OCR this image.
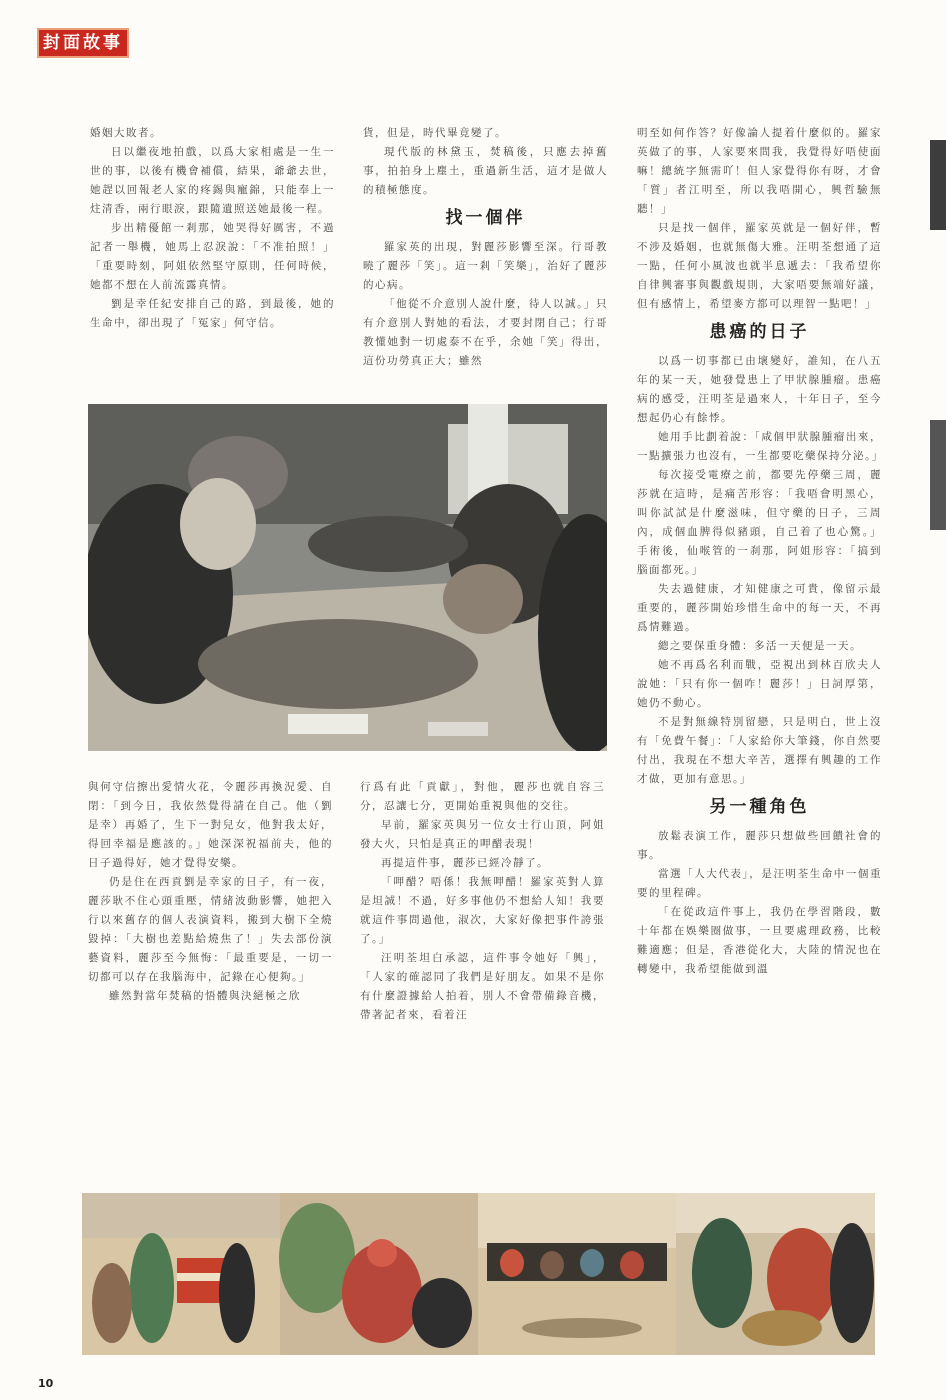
封面故事

婚姻大敗者。

日以繼夜地拍戲，以爲大家相處是一生一世的事，以後有機會補償，結果，爺爺去世，她趕以回報老人家的疼錫與寵錦，只能奉上一炷清香，兩行眼淚，跟隨遺照送她最後一程。

步出精優館一剎那，她哭得好厲害，不過記者一舉機，她馬上忍淚說：「不准拍照！」「重要時刻，阿姐依然堅守原則，任何時候，她都不想在人前流露真情。

劉是幸任紀安排自己的路，到最後，她的生命中，卻出現了「冤家」何守信。

貨，但是，時代畢竟變了。

現代版的林黛玉，焚稿後，只應去掉舊事，拍拍身上塵土，重過新生活，這才是做人的積極態度。

找一個伴

羅家英的出現，對麗莎影響至深。行哥教曉了麗莎「笑」。這一剎「笑樂」，治好了麗莎的心病。

「他從不介意別人說什麼，待人以誠。」只有介意別人對她的看法，才要封閉自己；行哥教懂她對一切處泰不在乎，余她「笑」得出，這份功勞真正大；雖然

明至如何作答？好像論人提着什麼似的。羅家英做了的事，人家要來問我，我覺得好唔使面嘛！總統字無需吖！但人家覺得你有呀，才會「質」者江明至，所以我唔開心，興哲驗無聽！」

只是找一個伴，羅家英就是一個好伴，暫不涉及婚姻，也就無傷大雅。汪明荃想通了這一點，任何小風波也就半息遞去：「我希望你自律興審事與觀戲規則，大家唔要無端好議，但有感情上，希望麥方都可以理智一點吧！」

患癌的日子

以爲一切事都已由壞變好，誰知，在八五年的某一天，她發覺患上了甲狀腺腫瘤。患癌病的感受，汪明荃是過來人，十年日子，至今想起仍心有餘悸。

她用手比劃着說：「咸個甲狀腺腫瘤出來，一點擴張力也沒有，一生都要吃藥保持分泌。」

每次接受電療之前，都要先停藥三周，麗莎就在這時，是痛苦形容：「我唔會明黑心，叫你試試是什麼滋味，但守藥的日子，三周內，成個血脾得似豬頭，自己着了也心驚。」手術後，仙喉管的一刹那，阿姐形容：「搞到腦面都死。」

失去過健康，才知健康之可貴，像留示最重要的，麗莎開始珍惜生命中的每一天，不再爲情難過。

總之要保重身體：多活一天便是一天。

她不再爲名利而戰，亞視出到林百欣夫人說她：「只有你一個咋！麗莎！」日詞厚第，她仍不動心。

不是對無線特別留戀，只是明白，世上沒有「免費午餐」：「人家給你大筆錢，你自然要付出，我現在不想大辛苦，選擇有興趣的工作才做，更加有意思。」

另一種角色

放鬆表演工作，麗莎只想做些回饋社會的事。

當選「人大代表」，是汪明荃生命中一個重要的里程碑。

「在從政這件事上，我仍在學習階段，數十年都在娛樂圈做事，一旦要處理政務，比較難適應；但是，香港從化大，大陸的情況也在轉變中，我希望能做到溫

與何守信擦出愛情火花，令麗莎再換況愛、自閉：「到今日，我依然覺得請在自己。他（劉是幸）再婚了，生下一對兒女，他對我太好，得回幸福是應該的。」她深深祝福前夫，他的日子過得好，她才覺得安樂。

仍是住在西貢劉是幸家的日子，有一夜，麗莎耿不住心頭重壓，情緒波動影響，她把入行以來舊存的個人表演資料，搬到大樹下全燒毀掉：「大樹也差點給燒焦了！」失去部份演藝資料，麗莎至今無悔：「最重要是，一切一切都可以存在我腦海中，記錄在心便夠。」

雖然對當年焚稿的悟體與決絕極之欣

行爲有此「貢獻」，對他，麗莎也就自容三分，忍讓七分，更開始重視與他的交往。

早前，羅家英與另一位女士行山頂，阿姐發大火，只怕是真正的呷醋表現！

再提這件事，麗莎已經冷靜了。

「呷醋？唔係！我無呷醋！羅家英對人算是坦誠！不過，好多事他仍不想給人知！我要就這件事問過他，淑次，大家好像把事件誇張了。」

汪明荃坦白承認，這件事令她好「興」，「人家的確認同了我們是好朋友。如果不是你有什麼證據給人拍着，別人不會帶備錄音機，帶著記者來，看着汪

10
